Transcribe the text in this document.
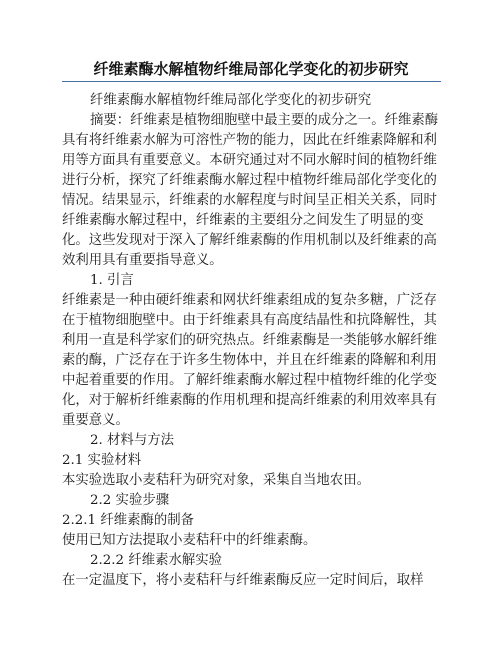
纤维素酶水解植物纤维局部化学变化的初步研究

纤维素酶水解植物纤维局部化学变化的初步研究

摘要：纤维素是植物细胞壁中最主要的成分之一。纤维素酶具有将纤维素水解为可溶性产物的能力，因此在纤维素降解和利用等方面具有重要意义。本研究通过对不同水解时间的植物纤维进行分析，探究了纤维素酶水解过程中植物纤维局部化学变化的情况。结果显示，纤维素的水解程度与时间呈正相关关系，同时纤维素酶水解过程中，纤维素的主要组分之间发生了明显的变化。这些发现对于深入了解纤维素酶的作用机制以及纤维素的高效利用具有重要指导意义。

1. 引言

纤维素是一种由硬纤维素和网状纤维素组成的复杂多糖，广泛存在于植物细胞壁中。由于纤维素具有高度结晶性和抗降解性，其利用一直是科学家们的研究热点。纤维素酶是一类能够水解纤维素的酶，广泛存在于许多生物体中，并且在纤维素的降解和利用中起着重要的作用。了解纤维素酶水解过程中植物纤维的化学变化，对于解析纤维素酶的作用机理和提高纤维素的利用效率具有重要意义。

2. 材料与方法

2.1 实验材料

本实验选取小麦秸秆为研究对象，采集自当地农田。

2.2 实验步骤

2.2.1 纤维素酶的制备

使用已知方法提取小麦秸秆中的纤维素酶。

2.2.2 纤维素水解实验

在一定温度下，将小麦秸秆与纤维素酶反应一定时间后，取样
